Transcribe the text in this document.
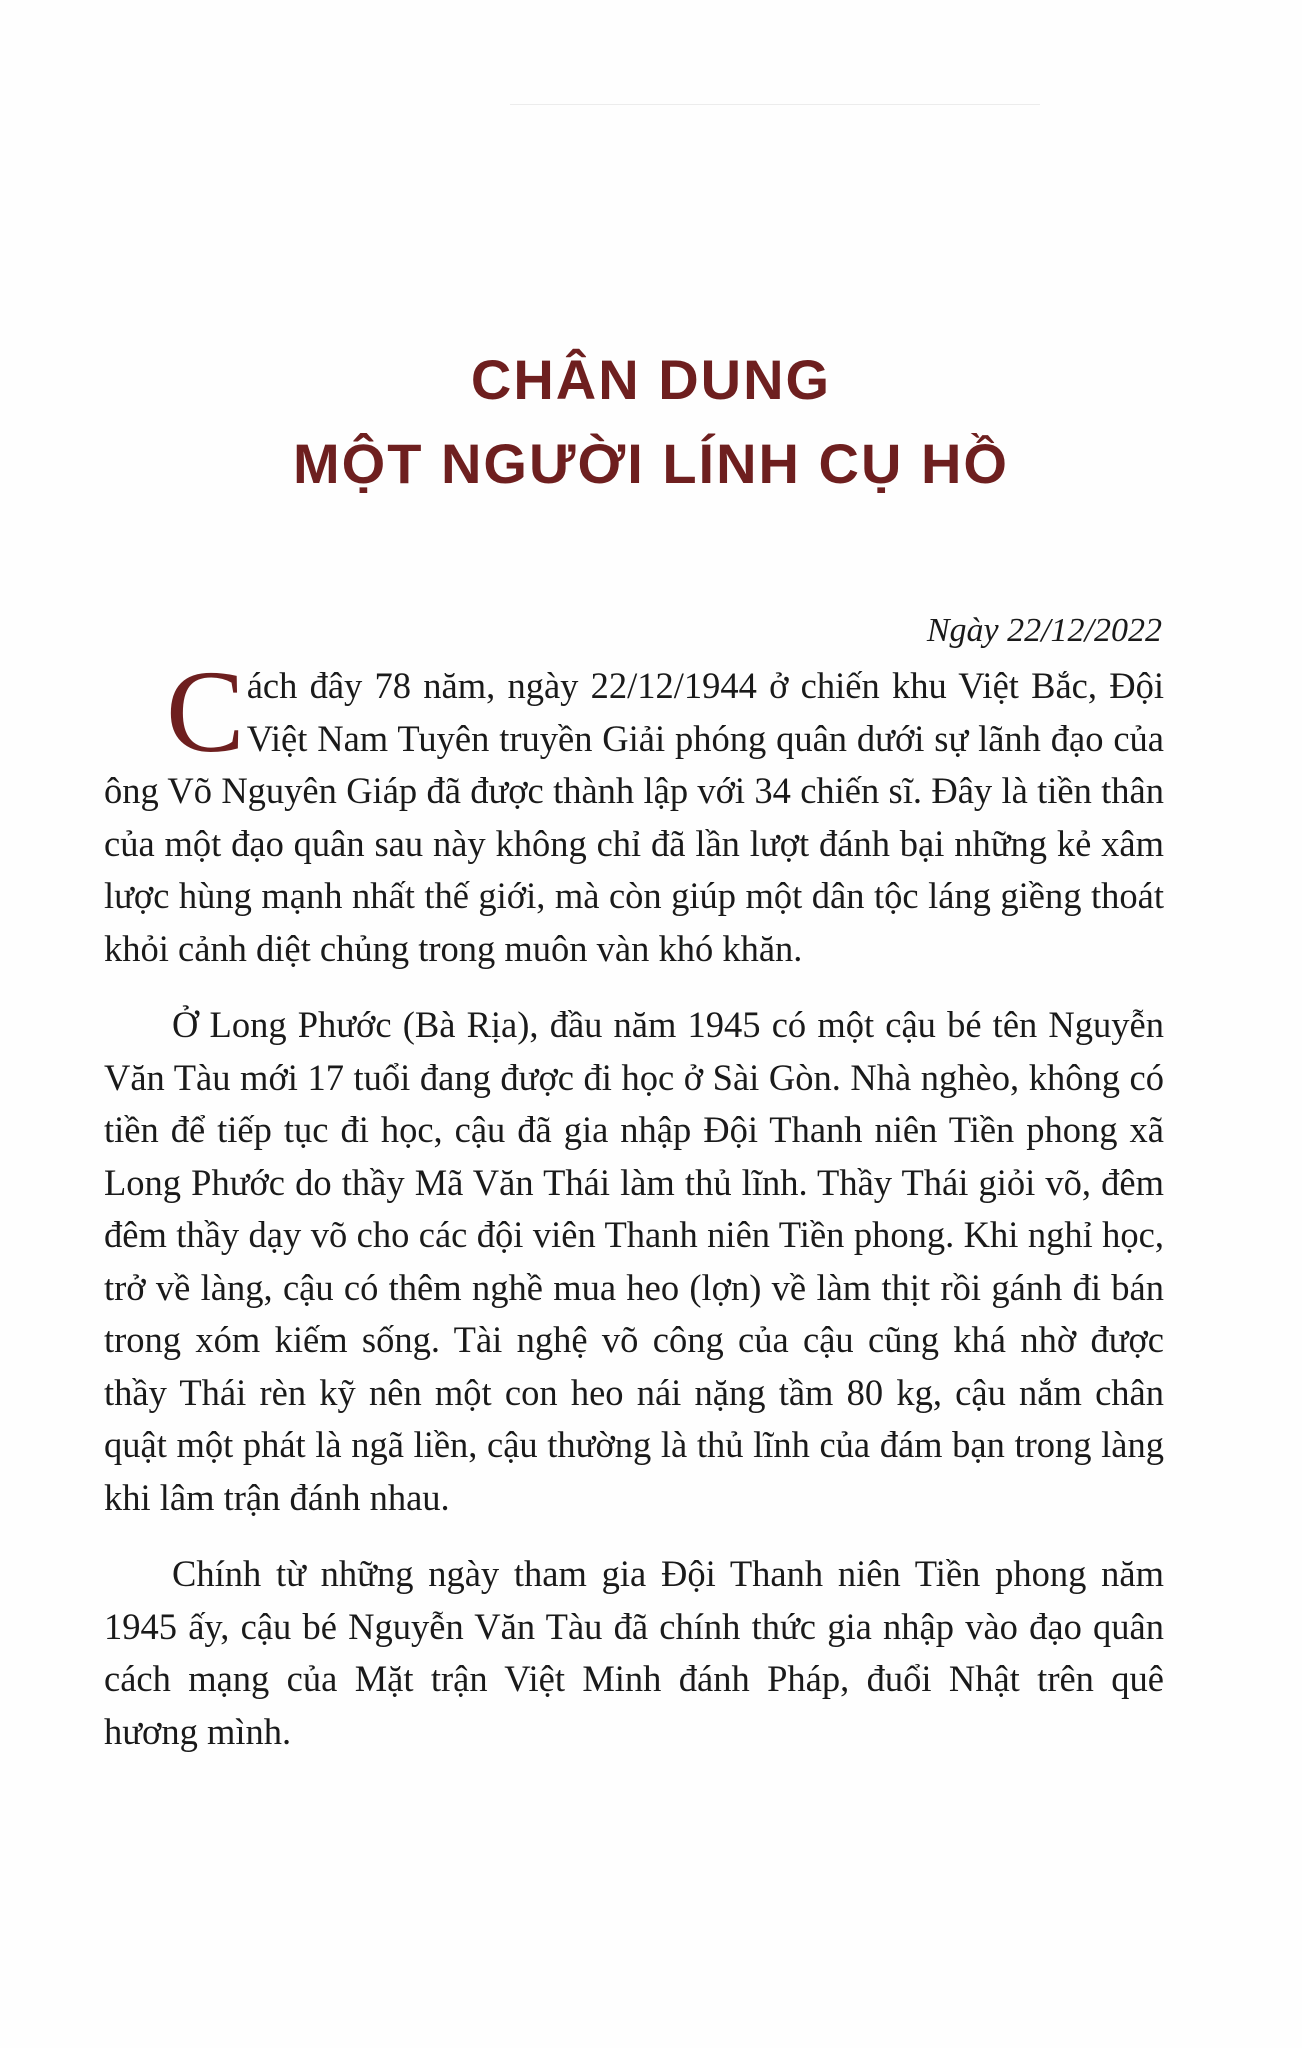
CHÂN DUNG
MỘT NGƯỜI LÍNH CỤ HỒ
Ngày 22/12/2022

Cách đây 78 năm, ngày 22/12/1944 ở chiến khu Việt Bắc, Đội Việt Nam Tuyên truyền Giải phóng quân dưới sự lãnh đạo của ông Võ Nguyên Giáp đã được thành lập với 34 chiến sĩ. Đây là tiền thân của một đạo quân sau này không chỉ đã lần lượt đánh bại những kẻ xâm lược hùng mạnh nhất thế giới, mà còn giúp một dân tộc láng giềng thoát khỏi cảnh diệt chủng trong muôn vàn khó khăn.

Ở Long Phước (Bà Rịa), đầu năm 1945 có một cậu bé tên Nguyễn Văn Tàu mới 17 tuổi đang được đi học ở Sài Gòn. Nhà nghèo, không có tiền để tiếp tục đi học, cậu đã gia nhập Đội Thanh niên Tiền phong xã Long Phước do thầy Mã Văn Thái làm thủ lĩnh. Thầy Thái giỏi võ, đêm đêm thầy dạy võ cho các đội viên Thanh niên Tiền phong. Khi nghỉ học, trở về làng, cậu có thêm nghề mua heo (lợn) về làm thịt rồi gánh đi bán trong xóm kiếm sống. Tài nghệ võ công của cậu cũng khá nhờ được thầy Thái rèn kỹ nên một con heo nái nặng tầm 80 kg, cậu nắm chân quật một phát là ngã liền, cậu thường là thủ lĩnh của đám bạn trong làng khi lâm trận đánh nhau.

Chính từ những ngày tham gia Đội Thanh niên Tiền phong năm 1945 ấy, cậu bé Nguyễn Văn Tàu đã chính thức gia nhập vào đạo quân cách mạng của Mặt trận Việt Minh đánh Pháp, đuổi Nhật trên quê hương mình.
